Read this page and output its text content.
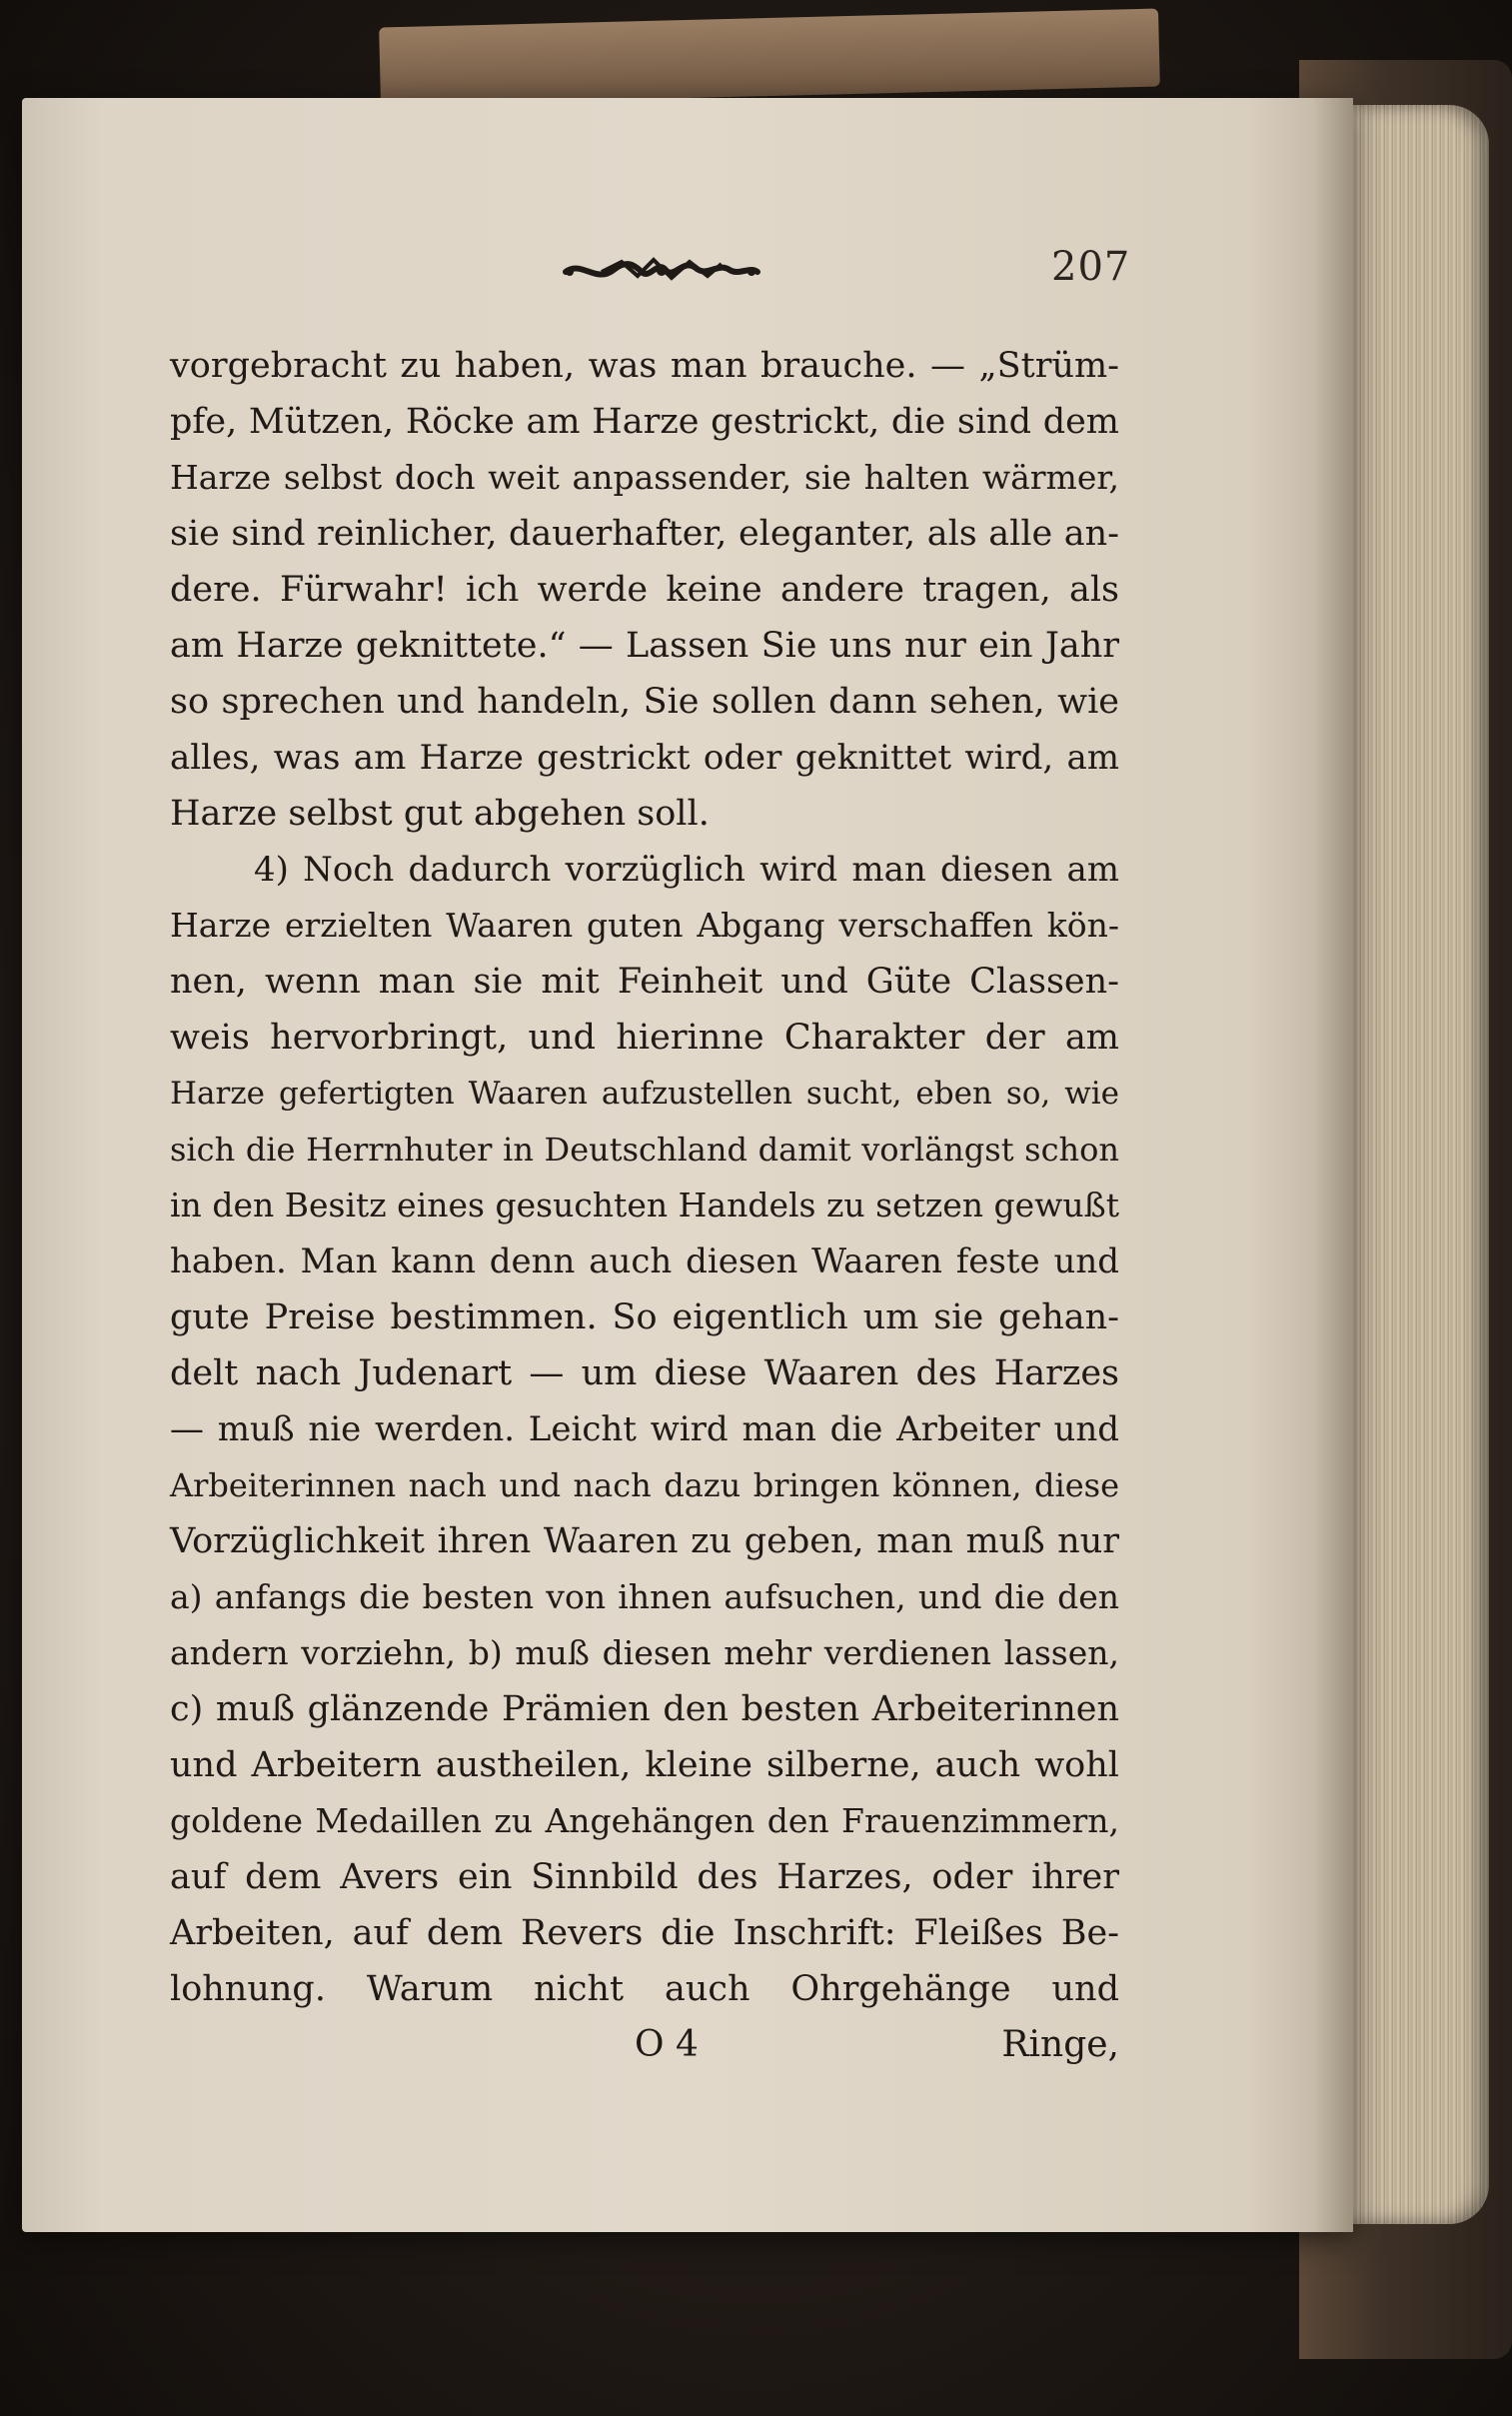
207
vorgebracht zu haben, was man brauche. — „Strüm-
pfe, Mützen, Röcke am Harze gestrickt, die sind dem
Harze selbst doch weit anpassender, sie halten wärmer,
sie sind reinlicher, dauerhafter, eleganter, als alle an-
dere. Fürwahr! ich werde keine andere tragen, als
am Harze geknittete.“ — Lassen Sie uns nur ein Jahr
so sprechen und handeln, Sie sollen dann sehen, wie
alles, was am Harze gestrickt oder geknittet wird, am
Harze selbst gut abgehen soll.
4) Noch dadurch vorzüglich wird man diesen am
Harze erzielten Waaren guten Abgang verschaffen kön-
nen, wenn man sie mit Feinheit und Güte Classen-
weis hervorbringt, und hierinne Charakter der am
Harze gefertigten Waaren aufzustellen sucht, eben so, wie
sich die Herrnhuter in Deutschland damit vorlängst schon
in den Besitz eines gesuchten Handels zu setzen gewußt
haben. Man kann denn auch diesen Waaren feste und
gute Preise bestimmen. So eigentlich um sie gehan-
delt nach Judenart — um diese Waaren des Harzes
— muß nie werden. Leicht wird man die Arbeiter und
Arbeiterinnen nach und nach dazu bringen können, diese
Vorzüglichkeit ihren Waaren zu geben, man muß nur
a) anfangs die besten von ihnen aufsuchen, und die den
andern vorziehn, b) muß diesen mehr verdienen lassen,
c) muß glänzende Prämien den besten Arbeiterinnen
und Arbeitern austheilen, kleine silberne, auch wohl
goldene Medaillen zu Angehängen den Frauenzimmern,
auf dem Avers ein Sinnbild des Harzes, oder ihrer
Arbeiten, auf dem Revers die Inschrift: Fleißes Be-
lohnung. Warum nicht auch Ohrgehänge und
O 4	Ringe,
